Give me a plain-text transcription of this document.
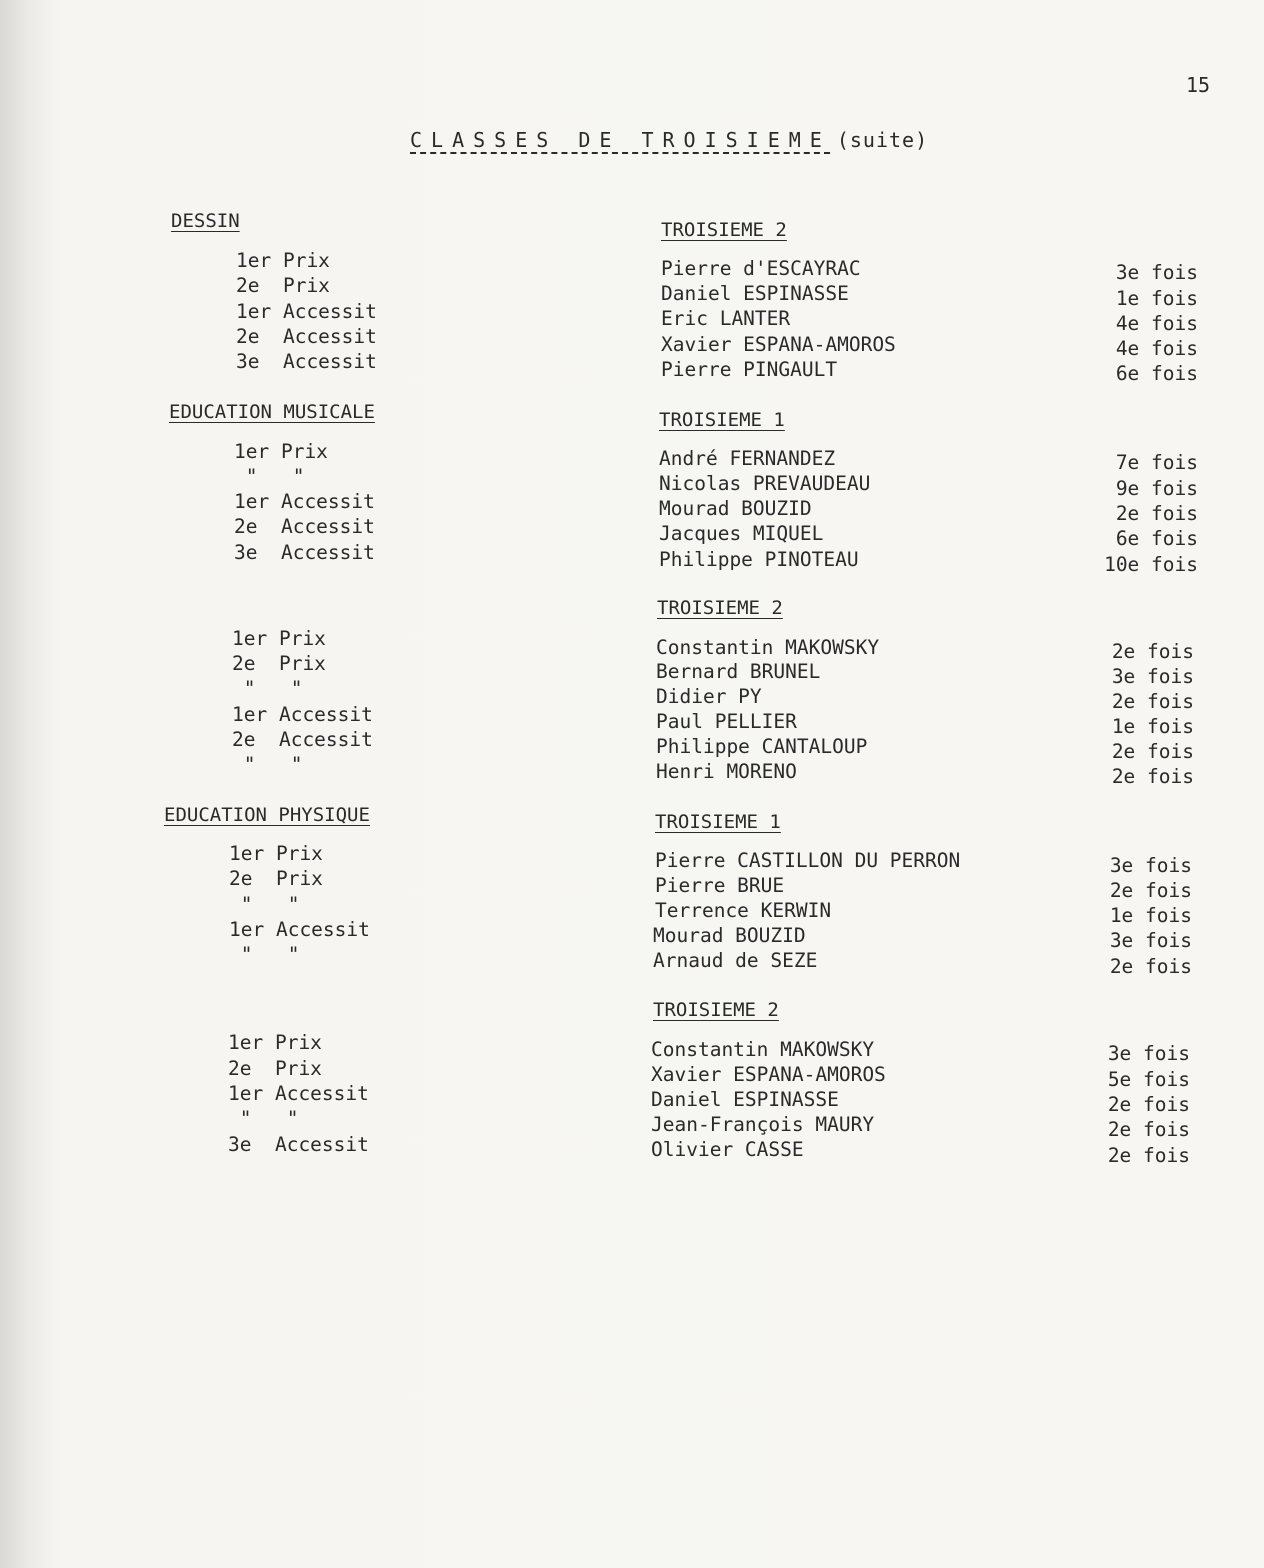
15
CLASSES DE TROISIEME (suite)
DESSIN
1er Prix
2e  Prix
1er Accessit
2e  Accessit
3e  Accessit
TROISIEME 2
Pierre d'ESCAYRAC
Daniel ESPINASSE
Eric LANTER
Xavier ESPANA-AMOROS
Pierre PINGAULT
3e fois
1e fois
4e fois
4e fois
6e fois
EDUCATION MUSICALE
1er Prix
"   "
1er Accessit
2e  Accessit
3e  Accessit
TROISIEME 1
André FERNANDEZ
Nicolas PREVAUDEAU
Mourad BOUZID
Jacques MIQUEL
Philippe PINOTEAU
7e fois
9e fois
2e fois
6e fois
10e fois
1er Prix
2e  Prix
"   "
1er Accessit
2e  Accessit
"   "
TROISIEME 2
Constantin MAKOWSKY
Bernard BRUNEL
Didier PY
Paul PELLIER
Philippe CANTALOUP
Henri MORENO
2e fois
3e fois
2e fois
1e fois
2e fois
2e fois
EDUCATION PHYSIQUE
1er Prix
2e  Prix
"   "
1er Accessit
"   "
TROISIEME 1
Pierre CASTILLON DU PERRON
Pierre BRUE
Terrence KERWIN
Mourad BOUZID
Arnaud de SEZE
3e fois
2e fois
1e fois
3e fois
2e fois
1er Prix
2e  Prix
1er Accessit
"   "
3e  Accessit
TROISIEME 2
Constantin MAKOWSKY
Xavier ESPANA-AMOROS
Daniel ESPINASSE
Jean-François MAURY
Olivier CASSE
3e fois
5e fois
2e fois
2e fois
2e fois
